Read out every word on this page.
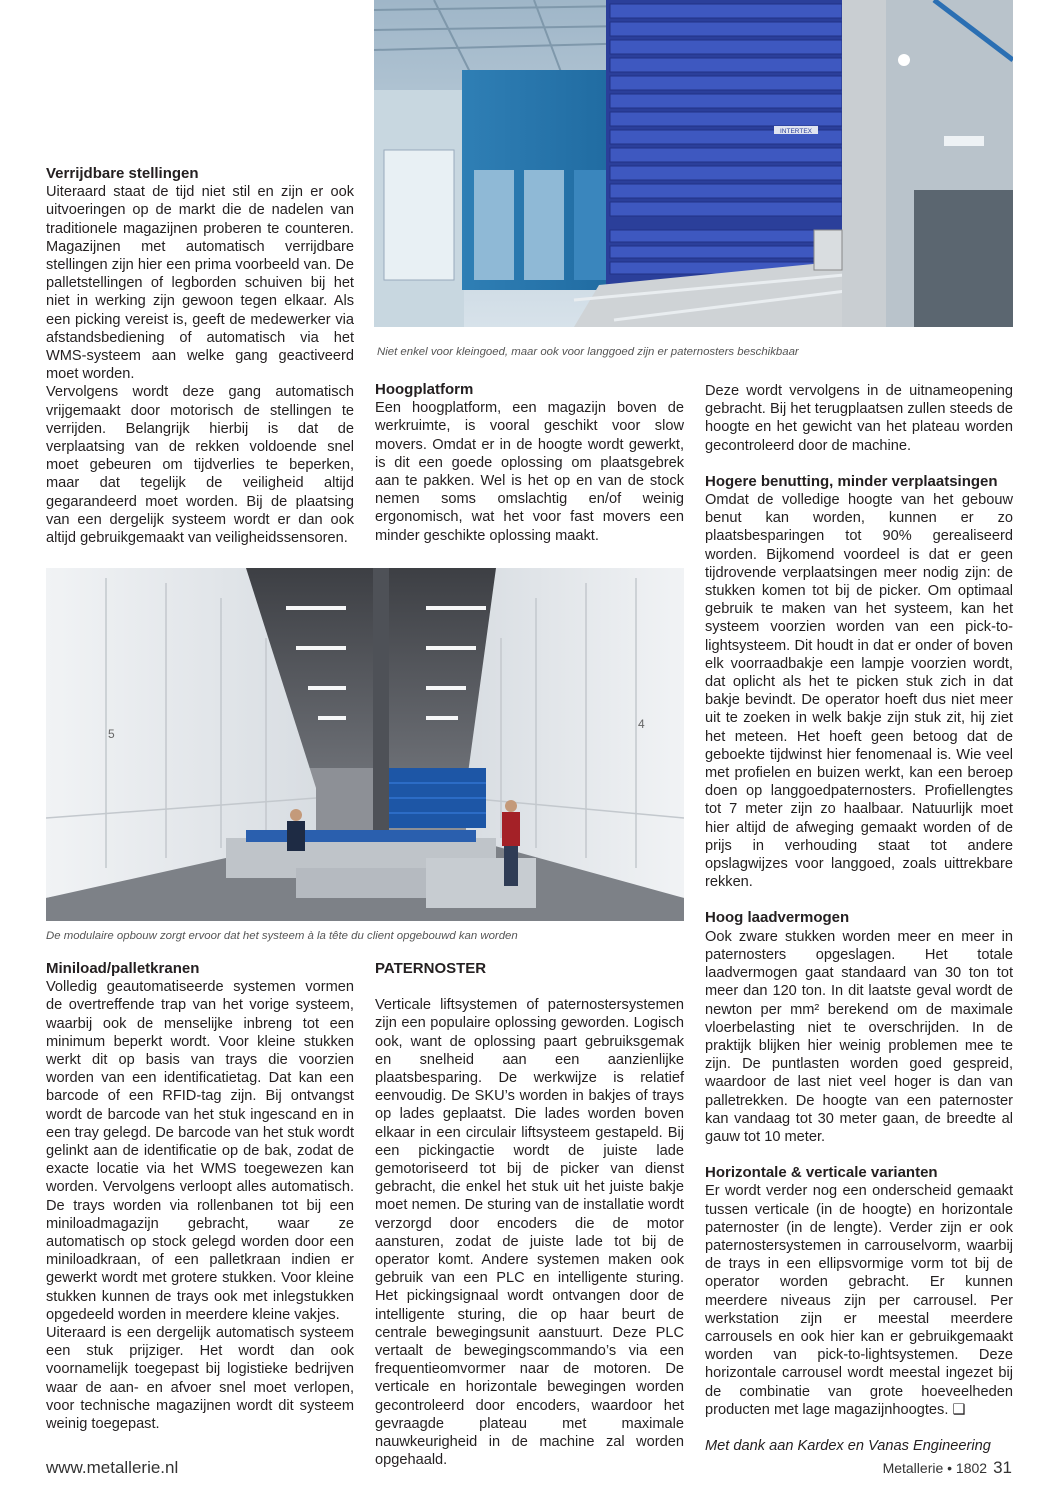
INTERTEX
Niet enkel voor kleingoed, maar ook voor langgoed zijn er paternosters beschikbaar

Verrijdbare stellingen

Uiteraard staat de tijd niet stil en zijn er ook uitvoeringen op de markt die de nadelen van traditionele magazijnen proberen te counteren. Magazijnen met automatisch verrijdbare stellingen zijn hier een prima voorbeeld van. De palletstellingen of legborden schuiven bij het niet in werking zijn gewoon tegen elkaar. Als een picking vereist is, geeft de medewerker via afstandsbediening of automatisch via het WMS-systeem aan welke gang geactiveerd moet worden.

Vervolgens wordt deze gang automatisch vrijgemaakt door motorisch de stellingen te verrijden. Belangrijk hierbij is dat de verplaatsing van de rekken voldoende snel moet gebeuren om tijdverlies te beperken, maar dat tegelijk de veiligheid altijd gegarandeerd moet worden. Bij de plaatsing van een dergelijk systeem wordt er dan ook altijd gebruikgemaakt van veiligheidssensoren.

Hoogplatform

Een hoogplatform, een magazijn boven de werkruimte, is vooral geschikt voor slow movers. Omdat er in de hoogte wordt gewerkt, is dit een goede oplossing om plaatsgebrek aan te pakken. Wel is het op en van de stock nemen soms omslachtig en/of weinig ergonomisch, wat het voor fast movers een minder geschikte oplossing maakt.

Deze wordt vervolgens in de uitnameopening gebracht. Bij het terugplaatsen zullen steeds de hoogte en het gewicht van het plateau worden gecontroleerd door de machine.

Hogere benutting, minder verplaatsingen

Omdat de volledige hoogte van het gebouw benut kan worden, kunnen er zo plaatsbesparingen tot 90% gerealiseerd worden. Bijkomend voordeel is dat er geen tijdrovende verplaatsingen meer nodig zijn: de stukken komen tot bij de picker. Om optimaal gebruik te maken van het systeem, kan het systeem voorzien worden van een pick-to-lightsysteem. Dit houdt in dat er onder of boven elk voorraadbakje een lampje voorzien wordt, dat oplicht als het te picken stuk zich in dat bakje bevindt. De operator hoeft dus niet meer uit te zoeken in welk bakje zijn stuk zit, hij ziet het meteen. Het hoeft geen betoog dat de geboekte tijdwinst hier fenomenaal is. Wie veel met profielen en buizen werkt, kan een beroep doen op langgoedpaternosters. Profiellengtes tot 7 meter zijn zo haalbaar. Natuurlijk moet hier altijd de afweging gemaakt worden of de prijs in verhouding staat tot andere opslagwijzes voor langgoed, zoals uittrekbare rekken.

Hoog laadvermogen

Ook zware stukken worden meer en meer in paternosters opgeslagen. Het totale laadvermogen gaat standaard van 30 ton tot meer dan 120 ton. In dit laatste geval wordt de newton per mm² berekend om de maximale vloerbelasting niet te overschrijden. In de praktijk blijken hier weinig problemen mee te zijn. De puntlasten worden goed gespreid, waardoor de last niet veel hoger is dan van palletrekken. De hoogte van een paternoster kan vandaag tot 30 meter gaan, de breedte al gauw tot 10 meter.

Horizontale & verticale varianten

Er wordt verder nog een onderscheid gemaakt tussen verticale (in de hoogte) en horizontale paternoster (in de lengte). Verder zijn er ook paternostersystemen in carrouselvorm, waarbij de trays in een ellipsvormige vorm tot bij de operator worden gebracht. Er kunnen meerdere niveaus zijn per carrousel. Per werkstation zijn er meestal meerdere carrousels en ook hier kan er gebruikgemaakt worden van pick-to-lightsystemen. Deze horizontale carrousel wordt meestal ingezet bij de combinatie van grote hoeveelheden producten met lage magazijnhoogtes. ❑

Met dank aan Kardex en Vanas Engineering

5
4
De modulaire opbouw zorgt ervoor dat het systeem à la tête du client opgebouwd kan worden

Miniload/palletkranen

Volledig geautomatiseerde systemen vormen de overtreffende trap van het vorige systeem, waarbij ook de menselijke inbreng tot een minimum beperkt wordt. Voor kleine stukken werkt dit op basis van trays die voorzien worden van een identificatietag. Dat kan een barcode of een RFID-tag zijn. Bij ontvangst wordt de barcode van het stuk ingescand en in een tray gelegd. De barcode van het stuk wordt gelinkt aan de identificatie op de bak, zodat de exacte locatie via het WMS toegewezen kan worden. Vervolgens verloopt alles automatisch. De trays worden via rollenbanen tot bij een miniloadmagazijn gebracht, waar ze automatisch op stock gelegd worden door een miniloadkraan, of een palletkraan indien er gewerkt wordt met grotere stukken. Voor kleine stukken kunnen de trays ook met inlegstukken opgedeeld worden in meerdere kleine vakjes.

Uiteraard is een dergelijk automatisch systeem een stuk prijziger. Het wordt dan ook voornamelijk toegepast bij logistieke bedrijven waar de aan- en afvoer snel moet verlopen, voor technische magazijnen wordt dit systeem weinig toegepast.

PATERNOSTER

Verticale liftsystemen of paternostersystemen zijn een populaire oplossing geworden. Logisch ook, want de oplossing paart gebruiksgemak en snelheid aan een aanzienlijke plaatsbesparing. De werkwijze is relatief eenvoudig. De SKU’s worden in bakjes of trays op lades geplaatst. Die lades worden boven elkaar in een circulair liftsysteem gestapeld. Bij een pickingactie wordt de juiste lade gemotoriseerd tot bij de picker van dienst gebracht, die enkel het stuk uit het juiste bakje moet nemen. De sturing van de installatie wordt verzorgd door encoders die de motor aansturen, zodat de juiste lade tot bij de operator komt. Andere systemen maken ook gebruik van een PLC en intelligente sturing. Het pickingsignaal wordt ontvangen door de intelligente sturing, die op haar beurt de centrale bewegingsunit aanstuurt. Deze PLC vertaalt de bewegingscommando’s via een frequentieomvormer naar de motoren. De verticale en horizontale bewegingen worden gecontroleerd door encoders, waardoor het gevraagde plateau met maximale nauwkeurigheid in de machine zal worden opgehaald.

www.metallerie.nl	Metallerie • 1802 31
